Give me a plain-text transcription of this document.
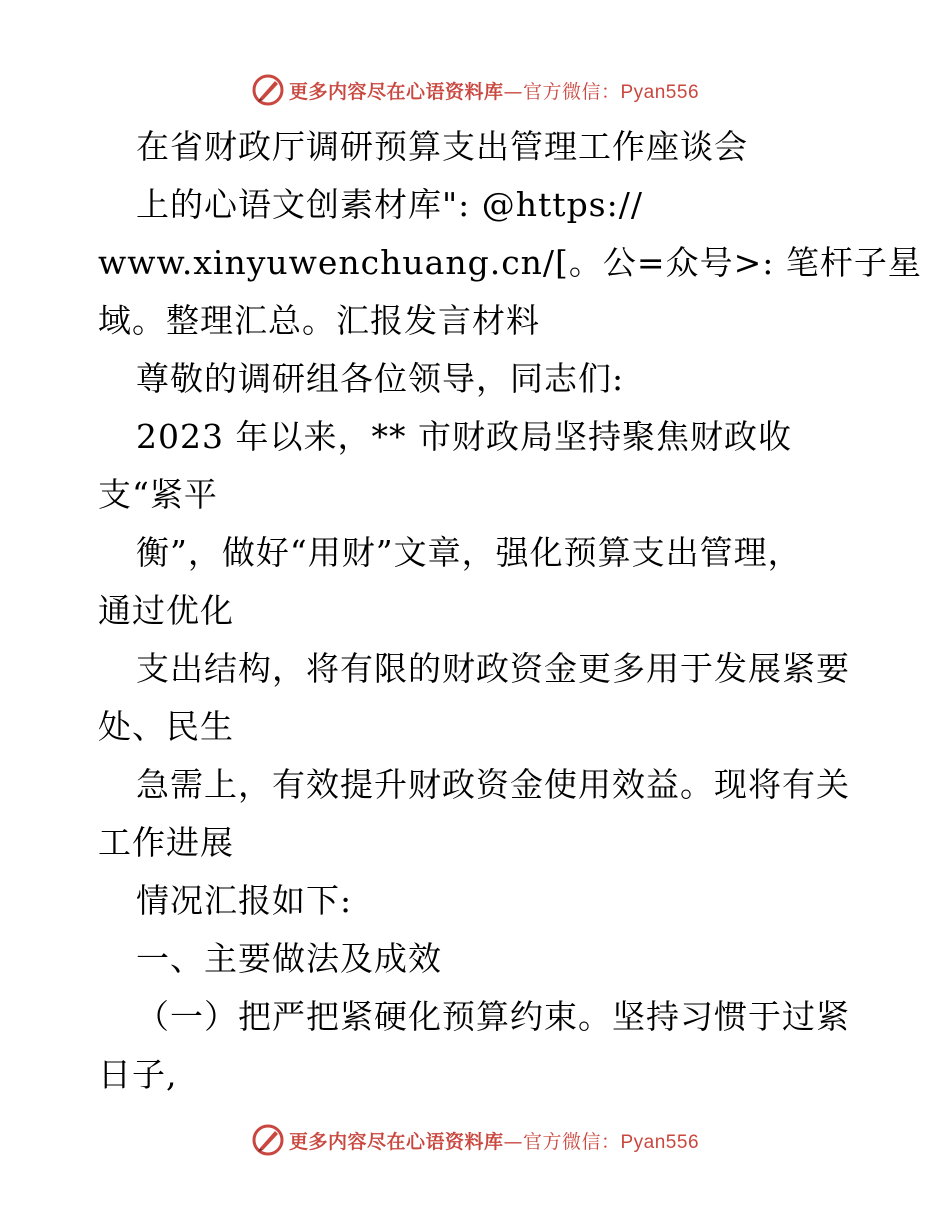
更多内容尽在心语资料库—官方微信：Pyan556
在省财政厅调研预算支出管理工作座谈会
上的心语文创素材库": @https://
www.xinyuwenchuang.cn/[。公=众号>: 笔杆子星
域。整理汇总。汇报发言材料
尊敬的调研组各位领导，同志们:
2023 年以来，** 市财政局坚持聚焦财政收
支“紧平
衡”，做好“用财”文章，强化预算支出管理，
通过优化
支出结构，将有限的财政资金更多用于发展紧要
处、民生
急需上，有效提升财政资金使用效益。现将有关
工作进展
情况汇报如下:
一、主要做法及成效
（一）把严把紧硬化预算约束。坚持习惯于过紧
日子,
更多内容尽在心语资料库—官方微信：Pyan556
